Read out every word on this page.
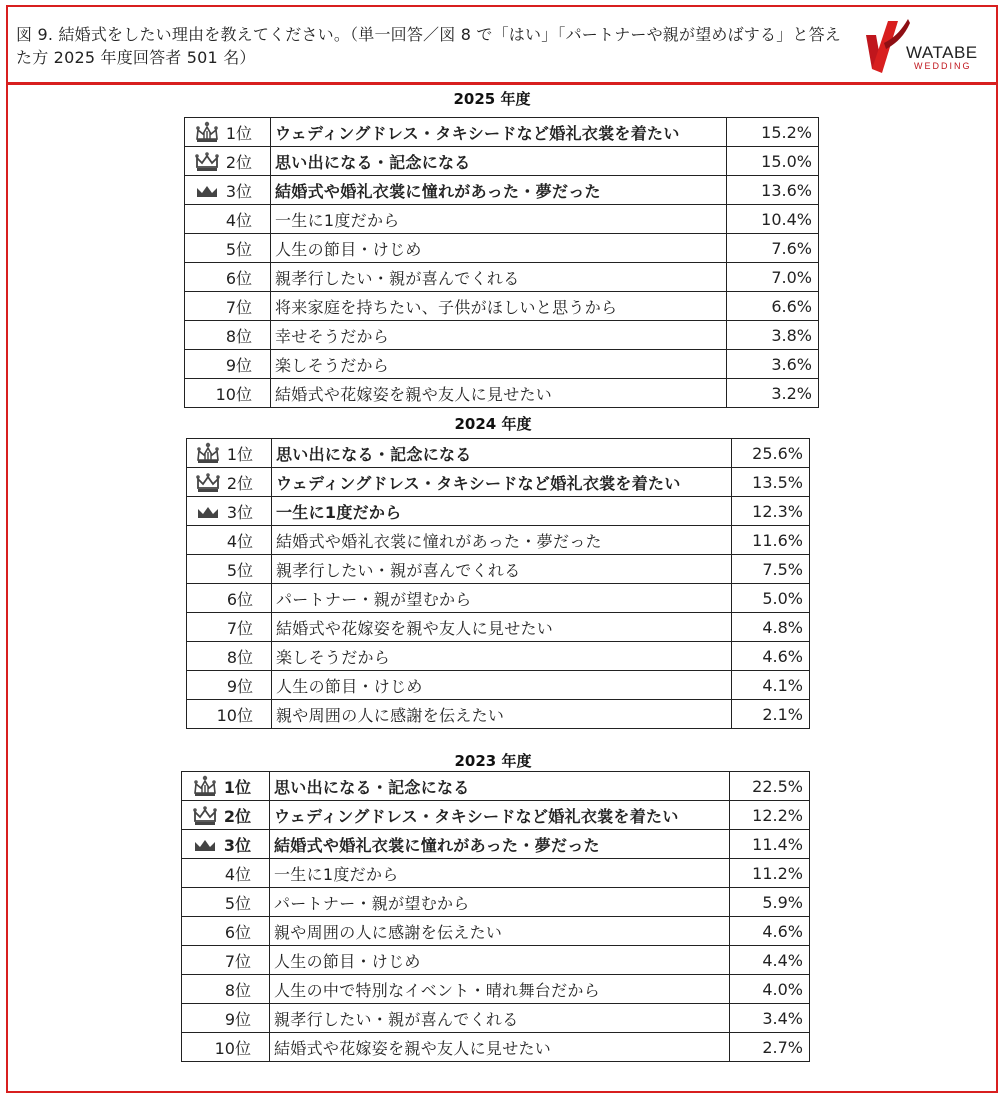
図 9. 結婚式をしたい理由を教えてください。（単一回答／図 8 で「はい」「パートナーや親が望めばする」と答えた方 2025 年度回答者 501 名）	WATABE
WEDDING
2025 年度
1位	ウェディングドレス・タキシードなど婚礼衣裳を着たい	15.2%

2位	思い出になる・記念になる	15.0%

3位	結婚式や婚礼衣裳に憧れがあった・夢だった	13.6%
4位	一生に1度だから	10.4%
5位	人生の節目・けじめ	7.6%
6位	親孝行したい・親が喜んでくれる	7.0%
7位	将来家庭を持ちたい、子供がほしいと思うから	6.6%
8位	幸せそうだから	3.8%
9位	楽しそうだから	3.6%
10位	結婚式や花嫁姿を親や友人に見せたい	3.2%
2024 年度
1位	思い出になる・記念になる	25.6%

2位	ウェディングドレス・タキシードなど婚礼衣裳を着たい	13.5%

3位	一生に1度だから	12.3%
4位	結婚式や婚礼衣裳に憧れがあった・夢だった	11.6%
5位	親孝行したい・親が喜んでくれる	7.5%
6位	パートナー・親が望むから	5.0%
7位	結婚式や花嫁姿を親や友人に見せたい	4.8%
8位	楽しそうだから	4.6%
9位	人生の節目・けじめ	4.1%
10位	親や周囲の人に感謝を伝えたい	2.1%
2023 年度
1位	思い出になる・記念になる	22.5%

2位	ウェディングドレス・タキシードなど婚礼衣裳を着たい	12.2%

3位	結婚式や婚礼衣裳に憧れがあった・夢だった	11.4%
4位	一生に1度だから	11.2%
5位	パートナー・親が望むから	5.9%
6位	親や周囲の人に感謝を伝えたい	4.6%
7位	人生の節目・けじめ	4.4%
8位	人生の中で特別なイベント・晴れ舞台だから	4.0%
9位	親孝行したい・親が喜んでくれる	3.4%
10位	結婚式や花嫁姿を親や友人に見せたい	2.7%
